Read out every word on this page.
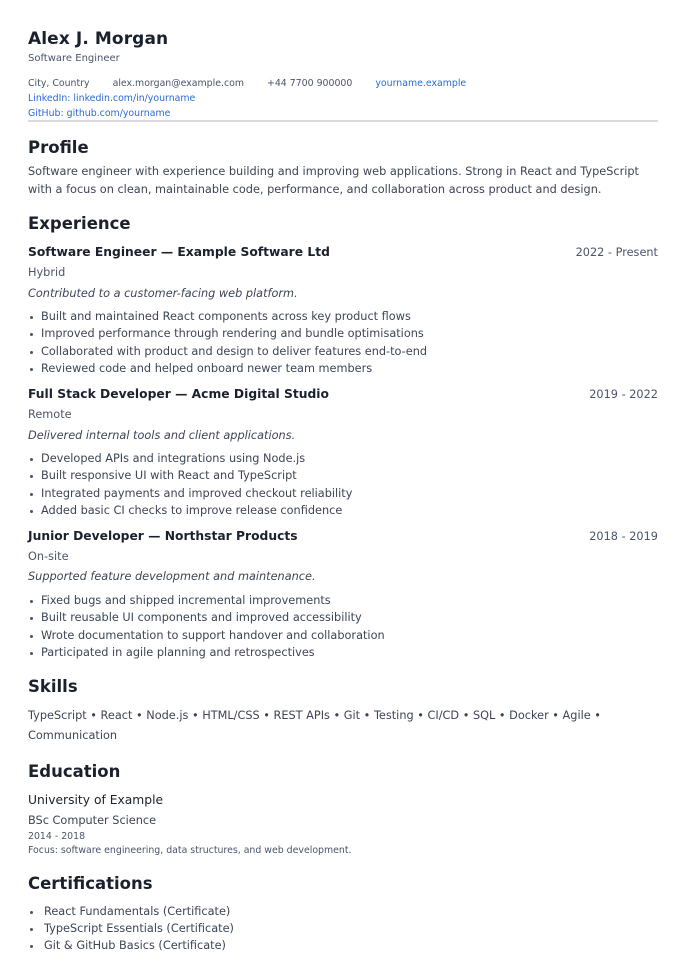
Alex J. Morgan
Software Engineer
City, Country alex.morgan@example.com +44 7700 900000 yourname.example LinkedIn: linkedin.com/in/yourname
GitHub: github.com/yourname
Profile
Software engineer with experience building and improving web applications. Strong in React and TypeScript with a focus on clean, maintainable code, performance, and collaboration across product and design.
Experience
Software Engineer — Example Software Ltd	2022 - Present
Hybrid
Contributed to a customer-facing web platform.
Built and maintained React components across key product flows
Improved performance through rendering and bundle optimisations
Collaborated with product and design to deliver features end-to-end
Reviewed code and helped onboard newer team members
Full Stack Developer — Acme Digital Studio	2019 - 2022
Remote
Delivered internal tools and client applications.
Developed APIs and integrations using Node.js
Built responsive UI with React and TypeScript
Integrated payments and improved checkout reliability
Added basic CI checks to improve release confidence
Junior Developer — Northstar Products	2018 - 2019
On-site
Supported feature development and maintenance.
Fixed bugs and shipped incremental improvements
Built reusable UI components and improved accessibility
Wrote documentation to support handover and collaboration
Participated in agile planning and retrospectives
Skills
TypeScript • React • Node.js • HTML/CSS • REST APIs • Git • Testing • CI/CD • SQL • Docker • Agile • Communication
Education
University of Example
BSc Computer Science
2014 - 2018
Focus: software engineering, data structures, and web development.
Certifications
React Fundamentals (Certificate)
TypeScript Essentials (Certificate)
Git & GitHub Basics (Certificate)
